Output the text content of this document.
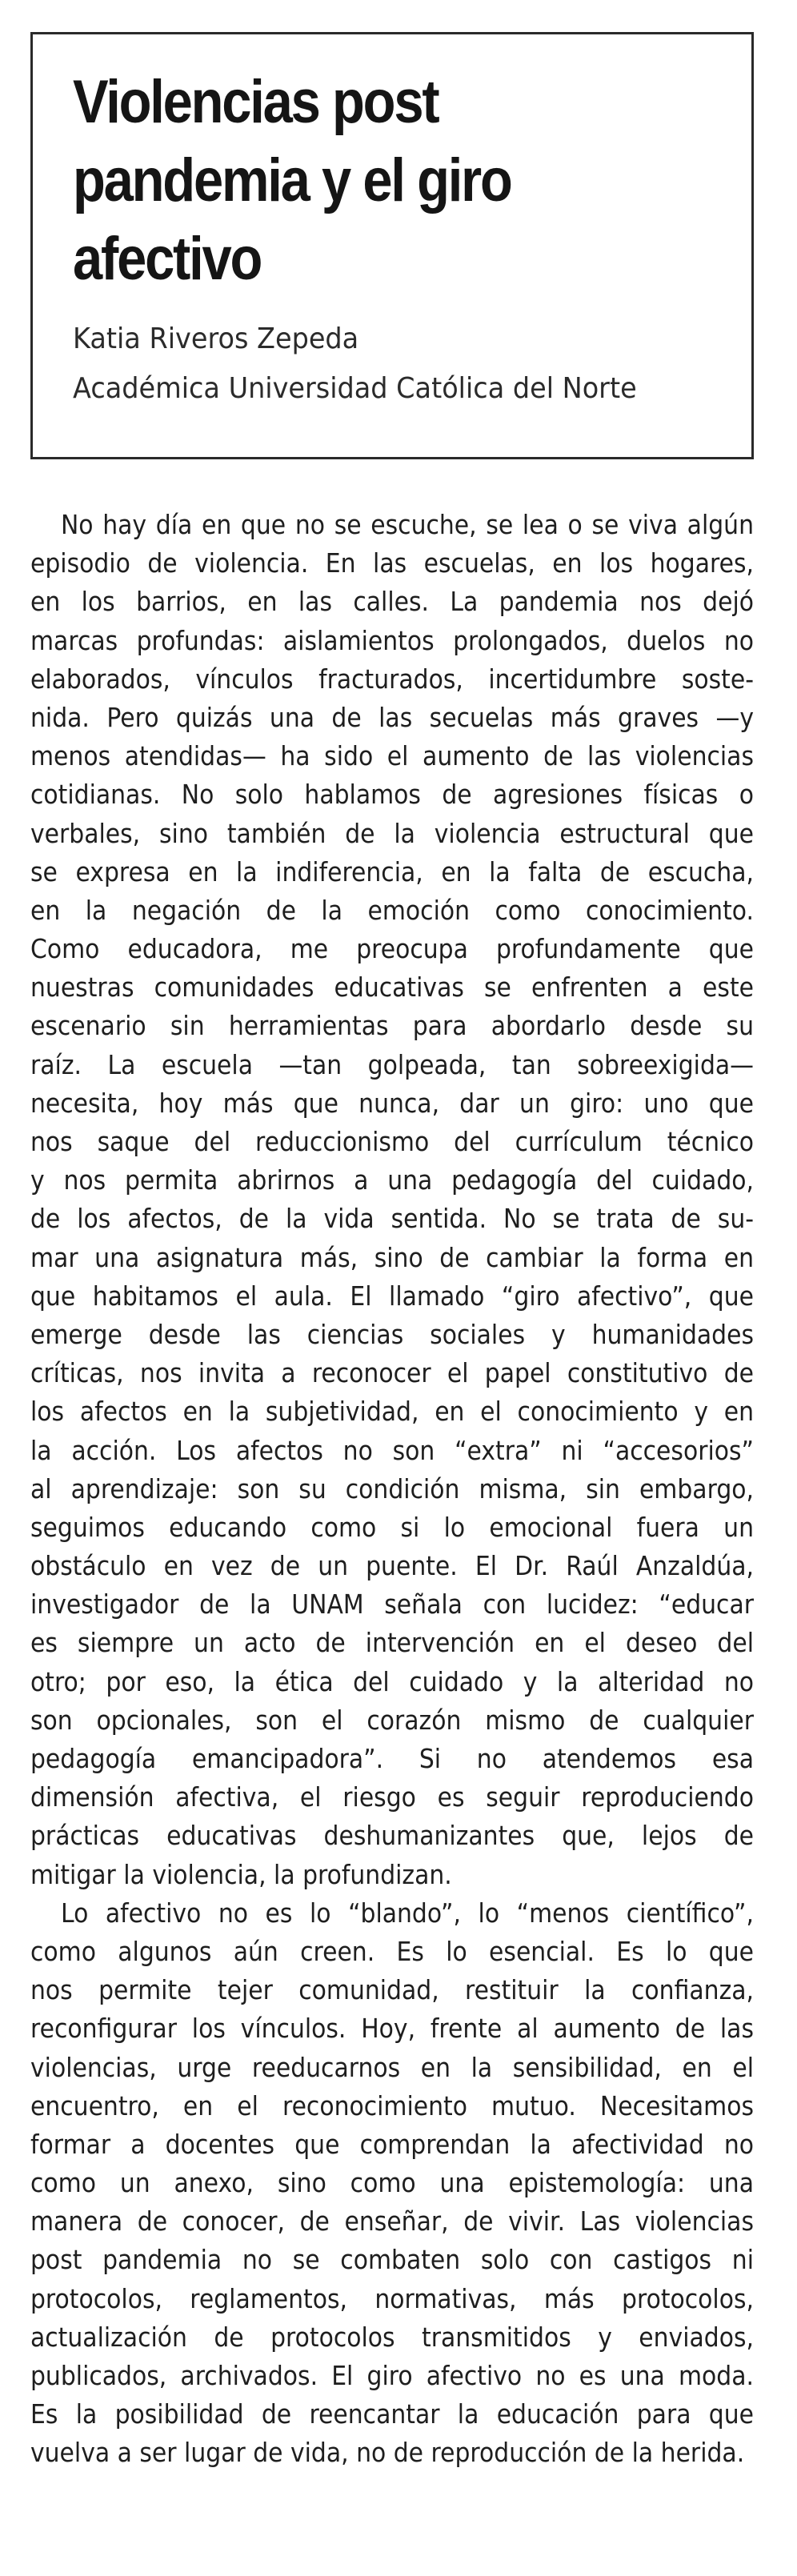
Violencias post
pandemia y el giro
afectivo
Katia Riveros Zepeda
Académica Universidad Católica del Norte
No hay día en que no se escuche, se lea o se viva algún
episodio de violencia. En las escuelas, en los hogares,
en los barrios, en las calles. La pandemia nos dejó
marcas profundas: aislamientos prolongados, duelos no
elaborados, vínculos fracturados, incertidumbre soste-
nida. Pero quizás una de las secuelas más graves —y
menos atendidas— ha sido el aumento de las violencias
cotidianas. No solo hablamos de agresiones físicas o
verbales, sino también de la violencia estructural que
se expresa en la indiferencia, en la falta de escucha,
en la negación de la emoción como conocimiento.
Como educadora, me preocupa profundamente que
nuestras comunidades educativas se enfrenten a este
escenario sin herramientas para abordarlo desde su
raíz. La escuela —tan golpeada, tan sobreexigida—
necesita, hoy más que nunca, dar un giro: uno que
nos saque del reduccionismo del currículum técnico
y nos permita abrirnos a una pedagogía del cuidado,
de los afectos, de la vida sentida. No se trata de su-
mar una asignatura más, sino de cambiar la forma en
que habitamos el aula. El llamado “giro afectivo”, que
emerge desde las ciencias sociales y humanidades
críticas, nos invita a reconocer el papel constitutivo de
los afectos en la subjetividad, en el conocimiento y en
la acción. Los afectos no son “extra” ni “accesorios”
al aprendizaje: son su condición misma, sin embargo,
seguimos educando como si lo emocional fuera un
obstáculo en vez de un puente. El Dr. Raúl Anzaldúa,
investigador de la UNAM señala con lucidez: “educar
es siempre un acto de intervención en el deseo del
otro; por eso, la ética del cuidado y la alteridad no
son opcionales, son el corazón mismo de cualquier
pedagogía emancipadora”. Si no atendemos esa
dimensión afectiva, el riesgo es seguir reproduciendo
prácticas educativas deshumanizantes que, lejos de
mitigar la violencia, la profundizan.
Lo afectivo no es lo “blando”, lo “menos científico”,
como algunos aún creen. Es lo esencial. Es lo que
nos permite tejer comunidad, restituir la confianza,
reconfigurar los vínculos. Hoy, frente al aumento de las
violencias, urge reeducarnos en la sensibilidad, en el
encuentro, en el reconocimiento mutuo. Necesitamos
formar a docentes que comprendan la afectividad no
como un anexo, sino como una epistemología: una
manera de conocer, de enseñar, de vivir. Las violencias
post pandemia no se combaten solo con castigos ni
protocolos, reglamentos, normativas, más protocolos,
actualización de protocolos transmitidos y enviados,
publicados, archivados. El giro afectivo no es una moda.
Es la posibilidad de reencantar la educación para que
vuelva a ser lugar de vida, no de reproducción de la herida.
